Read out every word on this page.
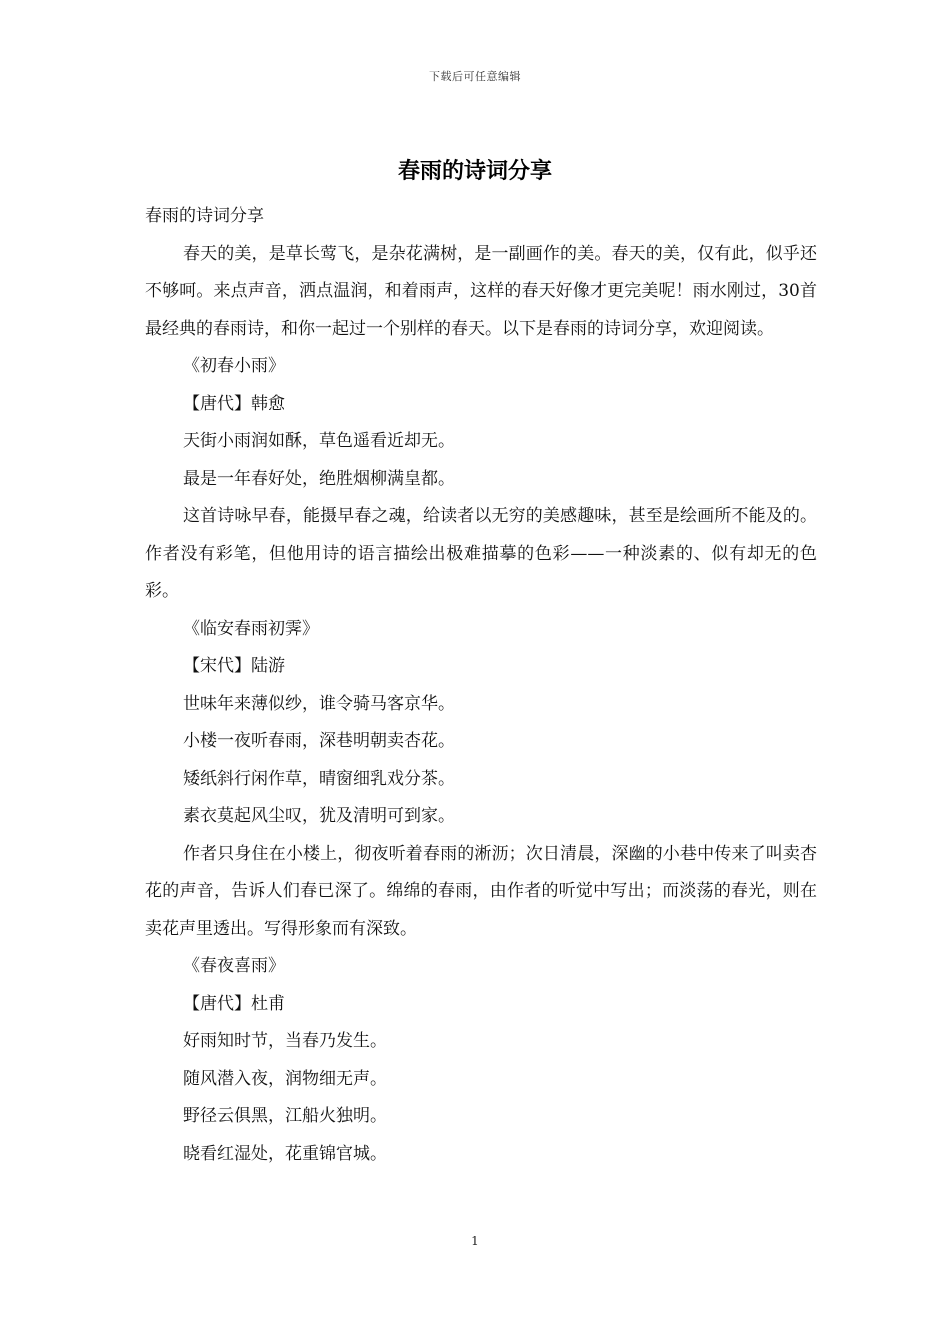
下载后可任意编辑
春雨的诗词分享

春雨的诗词分享

春天的美，是草长莺飞，是杂花满树，是一副画作的美。春天的美，仅有此，似乎还不够呵。来点声音，洒点温润，和着雨声，这样的春天好像才更完美呢！雨水刚过，30首最经典的春雨诗，和你一起过一个别样的春天。以下是春雨的诗词分享，欢迎阅读。

《初春小雨》

【唐代】韩愈

天街小雨润如酥，草色遥看近却无。

最是一年春好处，绝胜烟柳满皇都。

这首诗咏早春，能摄早春之魂，给读者以无穷的美感趣味，甚至是绘画所不能及的。作者没有彩笔，但他用诗的语言描绘出极难描摹的色彩——一种淡素的、似有却无的色彩。

《临安春雨初霁》

【宋代】陆游

世味年来薄似纱，谁令骑马客京华。

小楼一夜听春雨，深巷明朝卖杏花。

矮纸斜行闲作草，晴窗细乳戏分茶。

素衣莫起风尘叹，犹及清明可到家。

作者只身住在小楼上，彻夜听着春雨的淅沥；次日清晨，深幽的小巷中传来了叫卖杏花的声音，告诉人们春已深了。绵绵的春雨，由作者的听觉中写出；而淡荡的春光，则在卖花声里透出。写得形象而有深致。

《春夜喜雨》

【唐代】杜甫

好雨知时节，当春乃发生。

随风潜入夜，润物细无声。

野径云俱黑，江船火独明。

晓看红湿处，花重锦官城。

1
